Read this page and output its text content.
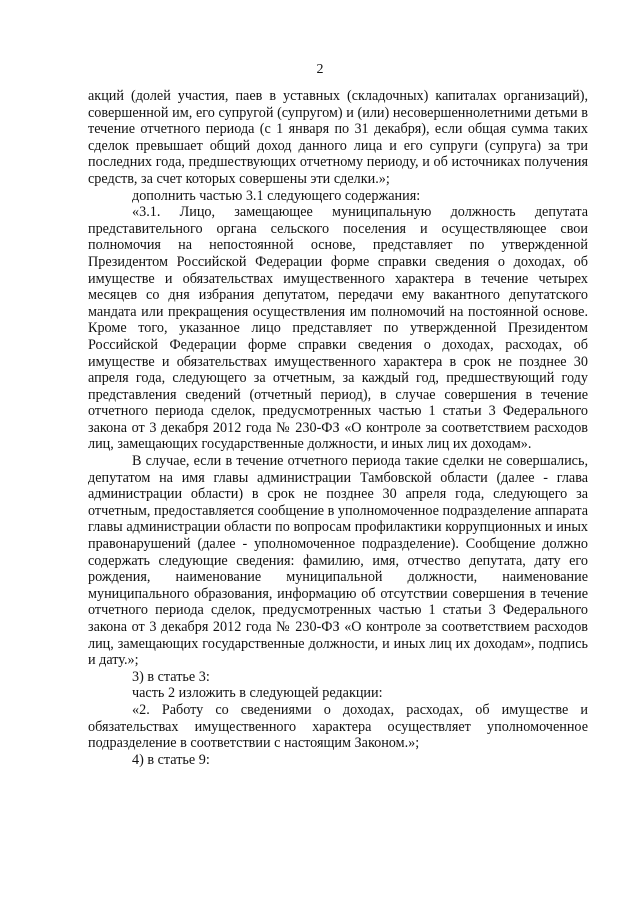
2

акций (долей участия, паев в уставных (складочных) капиталах организаций), совершенной им, его супругой (супругом) и (или) несовершеннолетними детьми в течение отчетного периода (с 1 января по 31 декабря), если общая сумма таких сделок превышает общий доход данного лица и его супруги (супруга) за три последних года, предшествующих отчетному периоду, и об источниках получения средств, за счет которых совершены эти сделки.»;

дополнить частью 3.1 следующего содержания:

«3.1. Лицо, замещающее муниципальную должность депутата представительного органа сельского поселения и осуществляющее свои полномочия на непостоянной основе, представляет по утвержденной Президентом Российской Федерации форме справки сведения о доходах, об имуществе и обязательствах имущественного характера в течение четырех месяцев со дня избрания депутатом, передачи ему вакантного депутатского мандата или прекращения осуществления им полномочий на постоянной основе. Кроме того, указанное лицо представляет по утвержденной Президентом Российской Федерации форме справки сведения о доходах, расходах, об имуществе и обязательствах имущественного характера в срок не позднее 30 апреля года, следующего за отчетным, за каждый год, предшествующий году представления сведений (отчетный период), в случае совершения в течение отчетного периода сделок, предусмотренных частью 1 статьи 3 Федерального закона от 3 декабря 2012 года № 230-ФЗ «О контроле за соответствием расходов лиц, замещающих государственные должности, и иных лиц их доходам».

В случае, если в течение отчетного периода такие сделки не совершались, депутатом на имя главы администрации Тамбовской области (далее - глава администрации области) в срок не позднее 30 апреля года, следующего за отчетным, предоставляется сообщение в уполномоченное подразделение аппарата главы администрации области по вопросам профилактики коррупционных и иных правонарушений (далее - уполномоченное подразделение). Сообщение должно содержать следующие сведения: фамилию, имя, отчество депутата, дату его рождения, наименование муниципальной должности, наименование муниципального образования, информацию об отсутствии совершения в течение отчетного периода сделок, предусмотренных частью 1 статьи 3 Федерального закона от 3 декабря 2012 года № 230-ФЗ «О контроле за соответствием расходов лиц, замещающих государственные должности, и иных лиц их доходам», подпись и дату.»;

3) в статье 3:

часть 2 изложить в следующей редакции:

«2. Работу со сведениями о доходах, расходах, об имуществе и обязательствах имущественного характера осуществляет уполномоченное подразделение в соответствии с настоящим Законом.»;

4) в статье 9:
